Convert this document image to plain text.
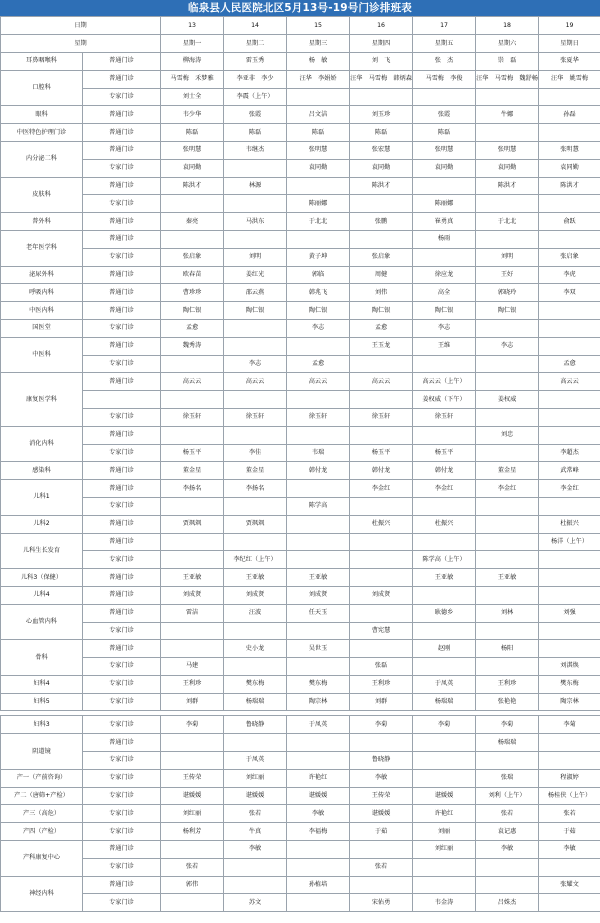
临泉县人民医院北区5月13号-19号门诊排班表
日期		13	14	15	16	17	18	19
星期		星期一	星期二	星期三	星期四	星期五	星期六	星期日
耳鼻咽喉科	普通门诊	柳海涛	雷玉秀	杨　敏	刘　飞	张　杰	崇　磊	张夏华
口腔科	普通门诊	马雪梅　禾梦雅	李亚非　李少	汪华　李娟娇	汪华　马雪梅　韩炳森	马雪梅　李俊	汪华　马雪梅　魏舒畅	汪华　姚雪梅
	专家门诊	刘士全	李震（上午）					
眼科	普通门诊	韦少华	张霞	吕文洁	刘玉珍	张霞	牛娜	孙磊
中医特色护理门诊	普通门诊	陈磊	陈磊	陈磊	陈磊	陈磊		
内分泌二科	普通门诊	张明慧	韦继杰	张明慧	张宏慧	张明慧	张明慧	张明慧
	专家门诊	袁同勤		袁同勤	袁同勤	袁同勤	袁同勤	袁同勤
皮肤科	普通门诊	陈洪才	林源		陈洪才		陈洪才	陈洪才
	专家门诊			陈丽娜		陈丽娜		
普外科	普通门诊	秦亮	马洪东	于北北	张鹏	崔勇真	于北北	俞跃
老年医学科	普通门诊					杨雨		
	专家门诊	张启象	刘明	黄子坤	张启象		刘明	张启象
泌尿外科	普通门诊	欧春苗	姜红光	郭临	周健	徐应龙	王好	李虎
呼吸内科	普通门诊	曹珍珍	邵云燕	韩兆飞	刘伟	高全	郭晓玲	李双
中医内科	普通门诊	陶仁银	陶仁银	陶仁银	陶仁银	陶仁银	陶仁银	
国医堂	专家门诊	孟愈		李志	孟愈	李志		
中医科	普通门诊	魏秀涛			王玉龙	王维	李志	
	专家门诊		李志	孟愈				孟愈
康复医学科	普通门诊	高云云	高云云	高云云	高云云	高云云（上午）		高云云
						姜权威（下午）	姜权威	
	专家门诊	徐玉轩	徐玉轩	徐玉轩	徐玉轩	徐玉轩		
消化内科	普通门诊						刘忠	
	专家门诊	杨玉平	李佳	韦瑞	杨玉平	杨玉平		李超杰
感染科	普通门诊	董金星	董金星	韩付龙	韩付龙	韩付龙	董金星	武常峰
儿科1	普通门诊	李扬名	李扬名		李金红	李金红	李金红	李金红
	专家门诊			陈学高				
儿科2	普通门诊	贾飒飒	贾飒飒		杜振兴	杜振兴		杜振兴
儿科生长发育	普通门诊							杨洋（上午）
	专家门诊		李纪红（上午）			陈学高（上午）		
儿科3（保健）	普通门诊	王亚敏	王亚敏	王亚敏		王亚敏	王亚敏	
儿科4	普通门诊	刘成贤	刘成贤	刘成贤	刘成贤			
心血管内科	普通门诊	雷洁	汪波	任天玉		耿德乡	刘林	刘强
	专家门诊				曹宪慧			
骨科	普通门诊		史小龙	吴世玉		赵刚	杨阳	
	专家门诊	马建			张磊			刘淇焕
妇科4	专家门诊	王利珍	樊东梅	樊东梅	王利珍	于凤英	王利珍	樊东梅
妇科5	专家门诊	刘群	杨瑞瑞	陶宗林	刘群	杨瑞瑞	张艳艳	陶宗林

妇科3	专家门诊	李菊	鲁晓静	于凤英	李菊	李菊	李菊	李菊
阴道镜	普通门诊						杨瑞瑞	
	专家门诊		于凤英		鲁晓静			
产一（产前咨询）	专家门诊	王传荣	刘红丽	许艳红	李敏		张瑞	程淑婷
产二（唐筛+产检）	专家门诊	谌媛媛	谌媛媛	谌媛媛	王传荣	谌媛媛	刘利（上午）	杨桂侠（上午）
产三（高危）	专家门诊	刘红丽	张若	李敏	谌媛媛	许艳红	张若	张若
产四（产检）	专家门诊	杨利芳	牛真	李福梅	于茹	刘丽	袁记惠	于茹
产科康复中心	普通门诊		李敏			刘红丽	李敏	李敏
	专家门诊	张若			张若			
神经内科	普通门诊	郭伟		孙植培				张耀文
	专家门诊		苏文		宋佑勇	韦金涛	吕姝杰	
